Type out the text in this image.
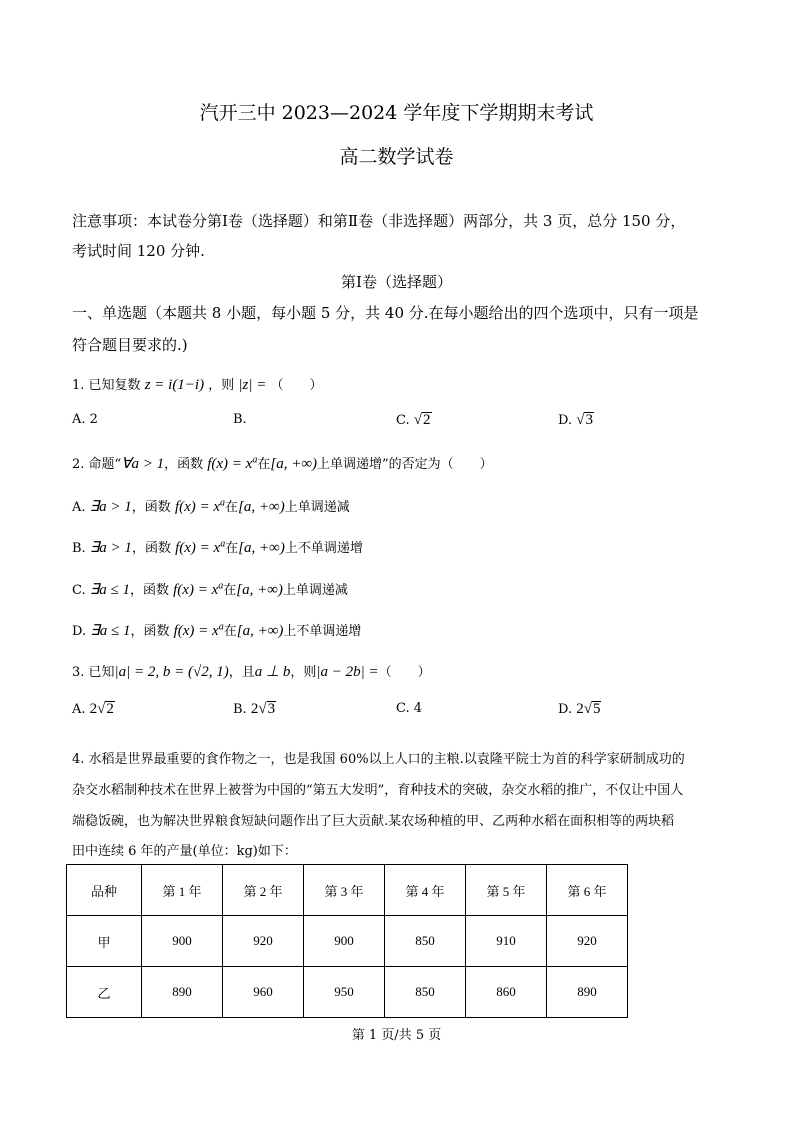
汽开三中 2023—2024 学年度下学期期末考试
高二数学试卷
注意事项：本试卷分第Ⅰ卷（选择题）和第Ⅱ卷（非选择题）两部分，共 3 页，总分 150 分，
考试时间 120 分钟.
第Ⅰ卷（选择题）
一、单选题（本题共 8 小题，每小题 5 分，共 40 分.在每小题给出的四个选项中，只有一项是
符合题目要求的.)
1. 已知复数 z = i(1−i) ，则 |z| = （　　）
A. 2	B.	C. √2	D. √3
2. 命题“∀a > 1，函数 $f(x) = x^a$在[a, +∞)上单调递增”的否定为（　　）
A. ∃a > 1，函数 $f(x) = x^a$在[a, +∞)上单调递减
B. ∃a > 1，函数 $f(x) = x^a$在[a, +∞)上不单调递增
C. ∃a ≤ 1，函数 $f(x) = x^a$在[a, +∞)上单调递减
D. ∃a ≤ 1，函数 $f(x) = x^a$在[a, +∞)上不单调递增
3. 已知|a| = 2, b = (√2, 1)，且a ⊥ b，则|a − 2b| =（　　）
A. 2√2	B. 2√3	C. 4	D. 2√5
4. 水稻是世界最重要的食作物之一，也是我国 60%以上人口的主粮.以袁隆平院士为首的科学家研制成功的
杂交水稻制种技术在世界上被誉为中国的“第五大发明”，育种技术的突破，杂交水稻的推广，不仅让中国人
端稳饭碗，也为解决世界粮食短缺问题作出了巨大贡献.某农场种植的甲、乙两种水稻在面积相等的两块稻
田中连续 6 年的产量(单位：kg)如下：
品种	第 1 年	第 2 年	第 3 年	第 4 年	第 5 年	第 6 年
甲	900	920	900	850	910	920
乙	890	960	950	850	860	890
第 1 页/共 5 页
